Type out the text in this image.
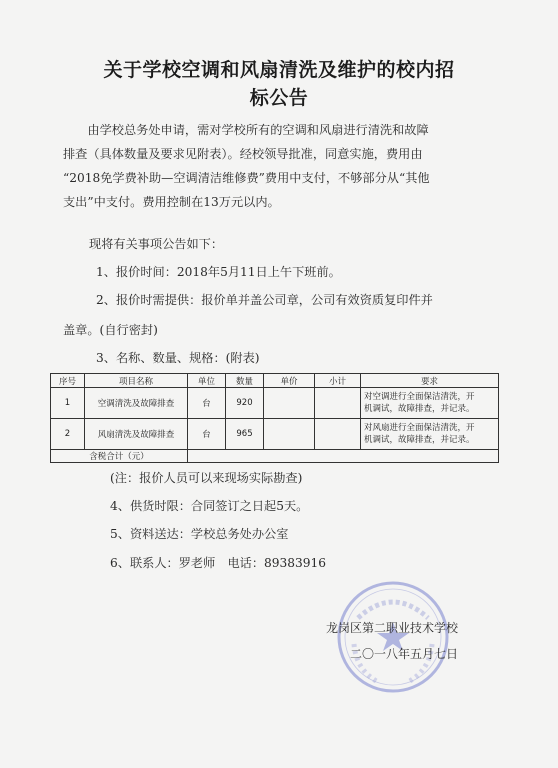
关于学校空调和风扇清洗及维护的校内招
标公告
由学校总务处申请，需对学校所有的空调和风扇进行清洗和故障
排查（具体数量及要求见附表）。经校领导批准，同意实施，费用由
“2018免学费补助—空调清洁维修费”费用中支付，不够部分从“其他
支出”中支付。费用控制在13万元以内。
现将有关事项公告如下：
1、报价时间：2018年5月11日上午下班前。
2、报价时需提供：报价单并盖公司章，公司有效资质复印件并
盖章。(自行密封)
3、名称、数量、规格：(附表)
序号	项目名称	单位	数量	单价	小计	要求
1	空调清洗及故障排查	台	920			对空调进行全面保洁清洗，开
机调试，故障排查，并记录。

2	风扇清洗及故障排查	台	965			对风扇进行全面保洁清洗，开
机调试，故障排查，并记录。

含税合计（元）						
(注：报价人员可以来现场实际勘查)
4、供货时限：合同签订之日起5天。
5、资料送达：学校总务处办公室
6、联系人：罗老师　电话：89383916
龙岗区第二职业技术学校
二〇一八年五月七日
